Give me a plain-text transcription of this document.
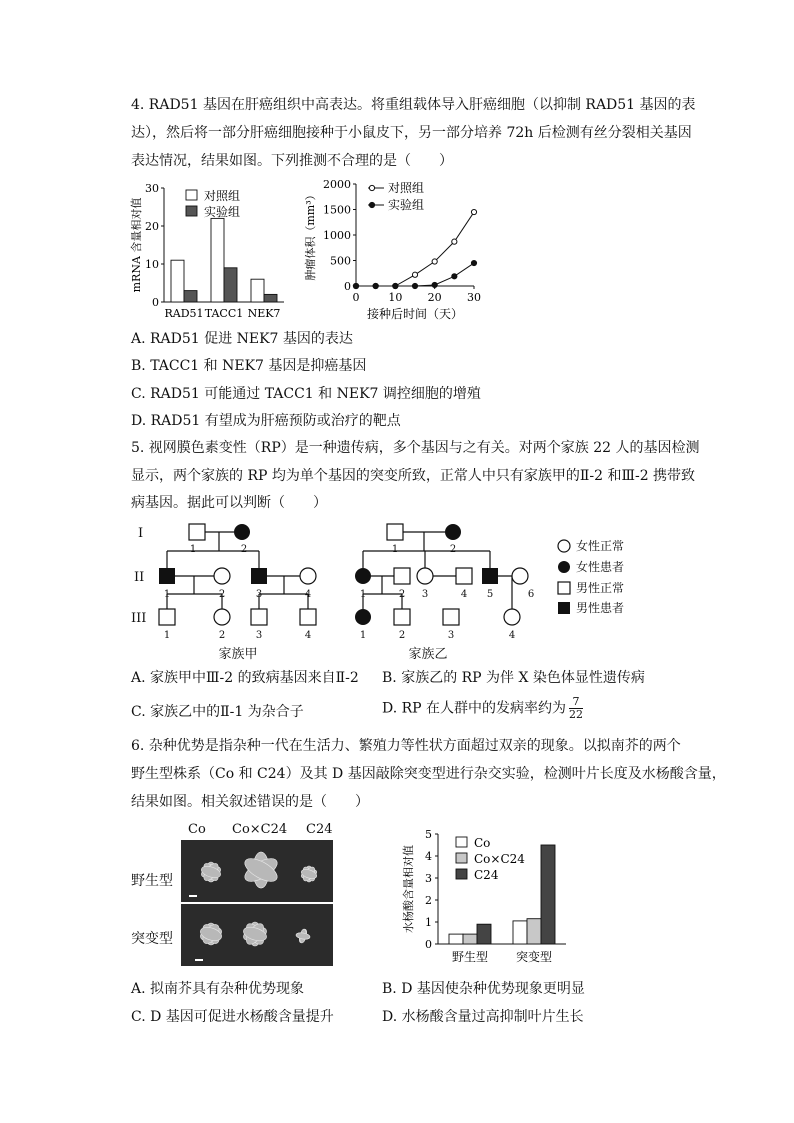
4. RAD51 基因在肝癌组织中高表达。将重组载体导入肝癌细胞（以抑制 RAD51 基因的表
达），然后将一部分肝癌细胞接种于小鼠皮下，另一部分培养 72h 后检测有丝分裂相关基因
表达情况，结果如图。下列推测不合理的是（　　）
0
10
20
30
mRNA 含量相对值
RAD51 TACC1 NEK7
对照组
实验组
0
500
1000
1500
2000
0	10 20 30
接种后时间（天）
肿瘤体积（mm³）
对照组
实验组
A. RAD51 促进 NEK7 基因的表达
B. TACC1 和 NEK7 基因是抑癌基因
C. RAD51 可能通过 TACC1 和 NEK7 调控细胞的增殖
D. RAD51 有望成为肝癌预防或治疗的靶点
5. 视网膜色素变性（RP）是一种遗传病，多个基因与之有关。对两个家族 22 人的基因检测
显示，两个家族的 RP 均为单个基因的突变所致，正常人中只有家族甲的Ⅱ-2 和Ⅲ-2 携带致
病基因。据此可以判断（　　）
I
II
III
1	2
1	2	3	4
1	2	3	4
1	2
1	2 3	4 5	6
1	2	3	4
家族甲	家族乙
女性正常
女性患者
男性正常
男性患者
A. 家族甲中Ⅲ-2 的致病基因来自Ⅱ-2 B. 家族乙的 RP 为伴 X 染色体显性遗传病
C. 家族乙中的Ⅱ-1 为杂合子	D. RP 在人群中的发病率约为 $\frac{7}{22}$
6. 杂种优势是指杂种一代在生活力、繁殖力等性状方面超过双亲的现象。以拟南芥的两个
野生型株系（Co 和 C24）及其 D 基因敲除突变型进行杂交实验，检测叶片长度及水杨酸含量，
结果如图。相关叙述错误的是（　　）
Co Co×C24 C24
野生型
突变型	0
1
2
3
4
5
水杨酸含量相对值
野生型 突变型
Co
Co×C24
C24
A. 拟南芥具有杂种优势现象	B. D 基因使杂种优势现象更明显
C. D 基因可促进水杨酸含量提升	D. 水杨酸含量过高抑制叶片生长
